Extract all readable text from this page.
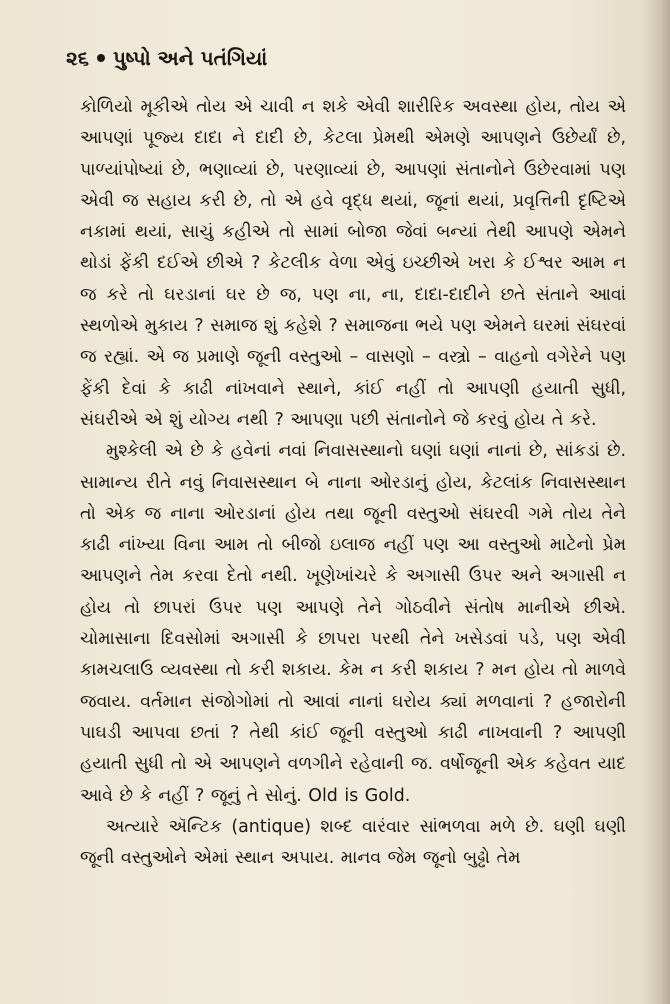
૨૬ પુષ્પો અને પતંગિયાં

કોળિયો મૂકીએ તોય એ ચાવી ન શકે એવી શારીરિક અવસ્થા હોય, તોય એ આપણાં પૂજ્ય દાદા ને દાદી છે, કેટલા પ્રેમથી એમણે આપણને ઉછેર્યાં છે, પાળ્યાંપોષ્યાં છે, ભણાવ્યાં છે, પરણાવ્યાં છે, આપણાં સંતાનોને ઉછેરવામાં પણ એવી જ સહાય કરી છે, તો એ હવે વૃદ્ધ થયાં, જૂનાં થયાં, પ્રવૃત્તિની દૃષ્ટિએ નકામાં થયાં, સાચું કહીએ તો સામાં બોજા જેવાં બન્યાં તેથી આપણે એમને થોડાં ફેંકી દઈએ છીએ ? કેટલીક વેળા એવું ઇચ્છીએ ખરા કે ઈશ્વર આમ ન જ કરે તો ઘરડાનાં ઘર છે જ, પણ ના, ના, દાદા-દાદીને છતે સંતાને આવાં સ્થળોએ મુકાય ? સમાજ શું કહેશે ? સમાજના ભયે પણ એમને ઘરમાં સંઘરવાં જ રહ્યાં. એ જ પ્રમાણે જૂની વસ્તુઓ – વાસણો – વસ્ત્રો – વાહનો વગેરેને પણ ફેંકી દેવાં કે કાઢી નાંખવાને સ્થાને, કાંઈ નહીં તો આપણી હયાતી સુધી, સંઘરીએ એ શું યોગ્ય નથી ? આપણા પછી સંતાનોને જે કરવું હોય તે કરે.

મુશ્કેલી એ છે કે હવેનાં નવાં નિવાસસ્થાનો ઘણાં ઘણાં નાનાં છે, સાંકડાં છે. સામાન્ય રીતે નવું નિવાસસ્થાન બે નાના ઓરડાનું હોય, કેટલાંક નિવાસસ્થાન તો એક જ નાના ઓરડાનાં હોય તથા જૂની વસ્તુઓ સંઘરવી ગમે તોય તેને કાઢી નાંખ્યા વિના આમ તો બીજો ઇલાજ નહીં પણ આ વસ્તુઓ માટેનો પ્રેમ આપણને તેમ કરવા દેતો નથી. ખૂણેખાંચરે કે અગાસી ઉપર અને અગાસી ન હોય તો છાપરાં ઉપર પણ આપણે તેને ગોઠવીને સંતોષ માનીએ છીએ. ચોમાસાના દિવસોમાં અગાસી કે છાપરા પરથી તેને ખસેડવાં પડે, પણ એવી કામચલાઉ વ્યવસ્થા તો કરી શકાય. કેમ ન કરી શકાય ? મન હોય તો માળવે જવાય. વર્તમાન સંજોગોમાં તો આવાં નાનાં ઘરોય ક્યાં મળવાનાં ? હજારોની પાઘડી આપવા છતાં ? તેથી કાંઈ જૂની વસ્તુઓ કાઢી નાખવાની ? આપણી હયાતી સુધી તો એ આપણને વળગીને રહેવાની જ. વર્ષોજૂની એક કહેવત યાદ આવે છે કે નહીં ? જૂનું તે સોનું. Old is Gold.

અત્યારે ઍન્ટિક (antique) શબ્દ વારંવાર સાંભળવા મળે છે. ઘણી ઘણી જૂની વસ્તુઓને એમાં સ્થાન અપાય. માનવ જેમ જૂનો બુઢ્ઢો તેમ
